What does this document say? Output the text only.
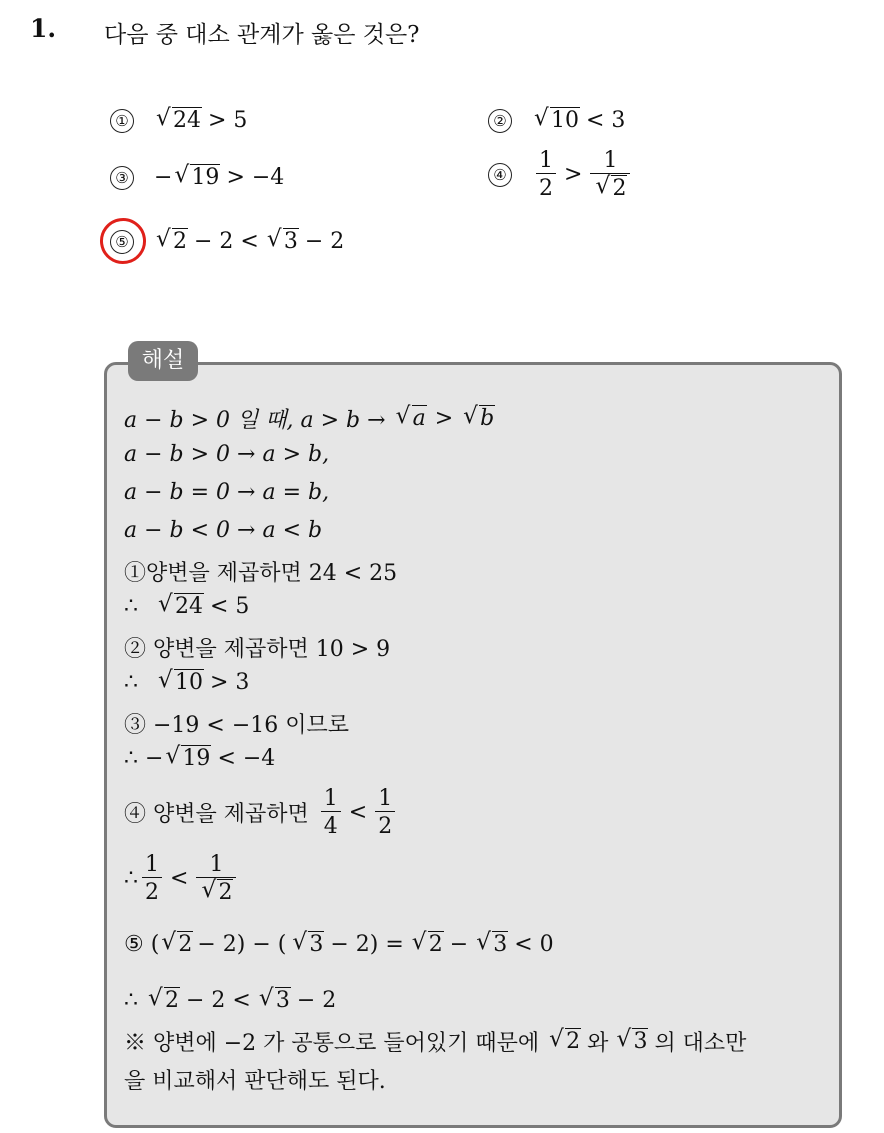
1. 다음 중 대소 관계가 옳은 것은?
① √ 24 > 5	② √ 10 < 3
③ − √ 19 > −4	④ $\frac{1}{2} > \frac{1}{√ 2}$
⑤ √ 2 − 2 < √ 3 − 2
해설
a − b > 0 일 때, a > b → √ a > √ b
a − b > 0 → a > b,
a − b = 0 → a = b,
a − b < 0 → a < b
①양변을 제곱하면 24 < 25
∴ √ 24 < 5
② 양변을 제곱하면 10 > 9
∴ √ 10 > 3
③ −19 < −16 이므로
∴ − √ 19 < −4
④ 양변을 제곱하면 $\frac{1}{4} < \frac{1}{2}$
∴ $\frac{1}{2} < \frac{1}{√ 2}$
⑤ ( √ 2 − 2) − ( √ 3 − 2) = √ 2 − √ 3 < 0
∴ √ 2 − 2 < √ 3 − 2
※ 양변에 −2 가 공통으로 들어있기 때문에 √ 2 와 √ 3 의 대소만
을 비교해서 판단해도 된다.
